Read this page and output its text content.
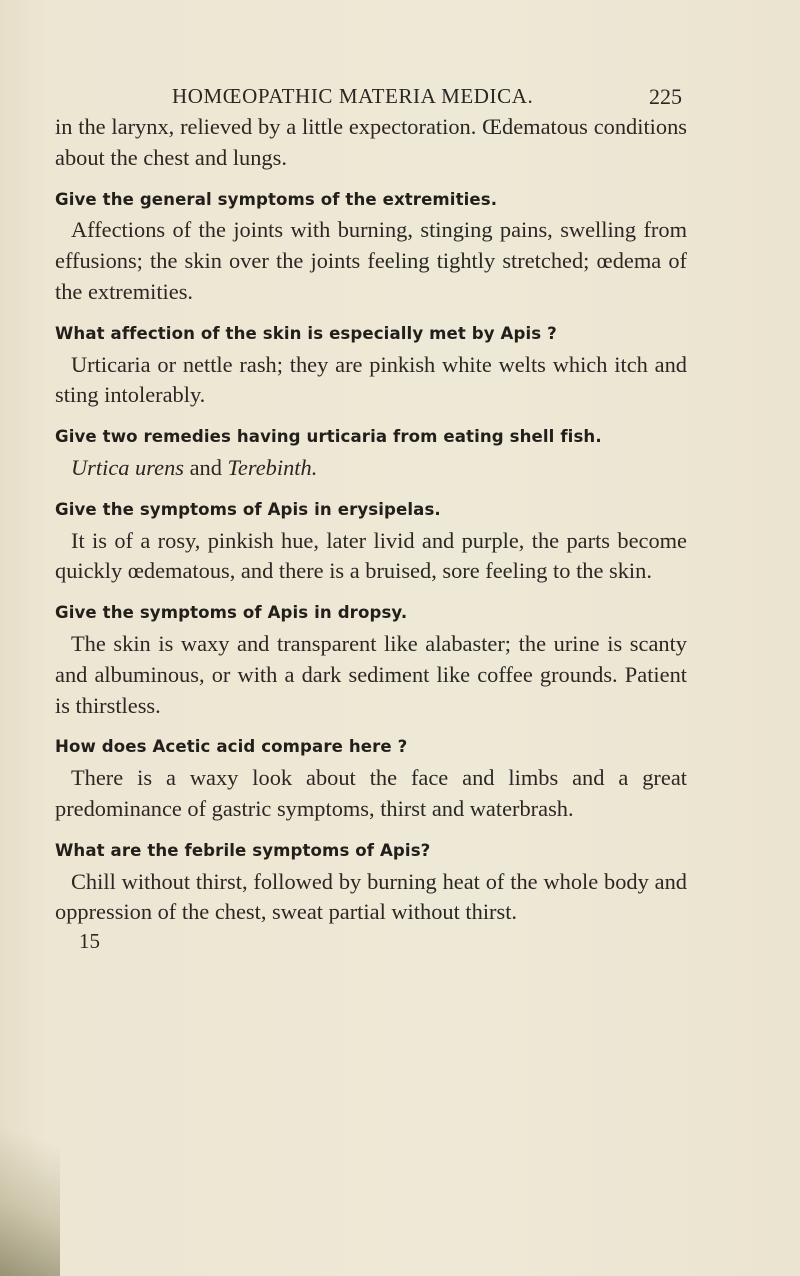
HOMŒOPATHIC MATERIA MEDICA.	225

in the larynx, relieved by a little expectoration. Œdematous conditions about the chest and lungs.

Give the general symptoms of the extremities.

Affections of the joints with burning, stinging pains, swelling from effusions; the skin over the joints feeling tightly stretched; œdema of the extremities.

What affection of the skin is especially met by Apis ?

Urticaria or nettle rash; they are pinkish white welts which itch and sting intolerably.

Give two remedies having urticaria from eating shell fish.

Urtica urens and Terebinth.

Give the symptoms of Apis in erysipelas.

It is of a rosy, pinkish hue, later livid and purple, the parts become quickly œdematous, and there is a bruised, sore feeling to the skin.

Give the symptoms of Apis in dropsy.

The skin is waxy and transparent like alabaster; the urine is scanty and albuminous, or with a dark sediment like coffee grounds. Patient is thirstless.

How does Acetic acid compare here ?

There is a waxy look about the face and limbs and a great predominance of gastric symptoms, thirst and waterbrash.

What are the febrile symptoms of Apis?

Chill without thirst, followed by burning heat of the whole body and oppression of the chest, sweat partial without thirst.

15
